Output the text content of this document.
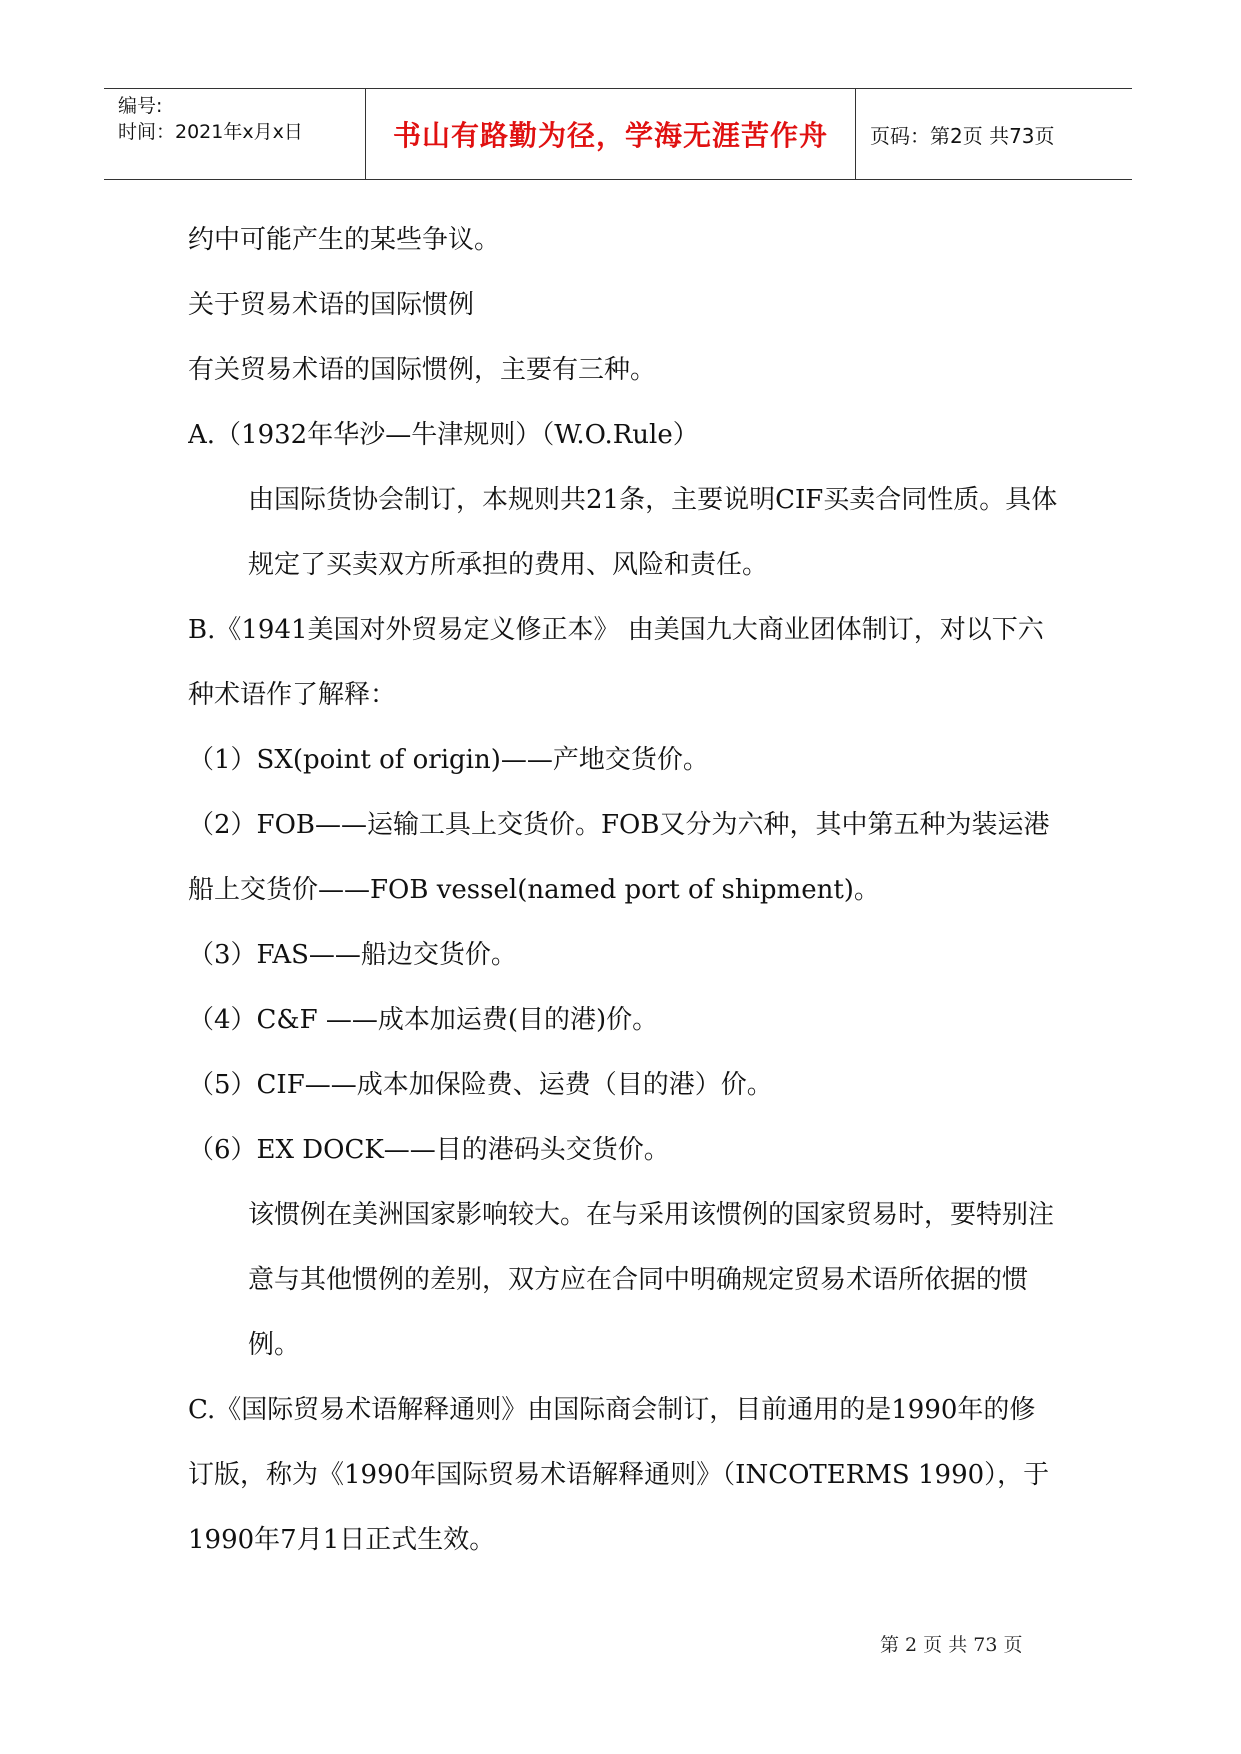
编号:
时间：2021年x月x日	书山有路勤为径，学海无涯苦作舟	页码：第2页 共73页

约中可能产生的某些争议。

关于贸易术语的国际惯例

有关贸易术语的国际惯例，主要有三种。

A.（1932年华沙—牛津规则）（W.O.Rule）

由国际货协会制订，本规则共21条，主要说明CIF买卖合同性质。具体规定了买卖双方所承担的费用、风险和责任。

B.《1941美国对外贸易定义修正本》 由美国九大商业团体制订，对以下六种术语作了解释：

（1）SX(point of origin)——产地交货价。

（2）FOB——运输工具上交货价。FOB又分为六种，其中第五种为装运港船上交货价——FOB vessel(named port of shipment)。

（3）FAS——船边交货价。

（4）C&F ——成本加运费(目的港)价。

（5）CIF——成本加保险费、运费（目的港）价。

（6）EX DOCK——目的港码头交货价。

该惯例在美洲国家影响较大。在与采用该惯例的国家贸易时，要特别注意与其他惯例的差别，双方应在合同中明确规定贸易术语所依据的惯例。

C.《国际贸易术语解释通则》由国际商会制订，目前通用的是1990年的修订版，称为《1990年国际贸易术语解释通则》（INCOTERMS 1990），于1990年7月1日正式生效。

第 2 页 共 73 页
